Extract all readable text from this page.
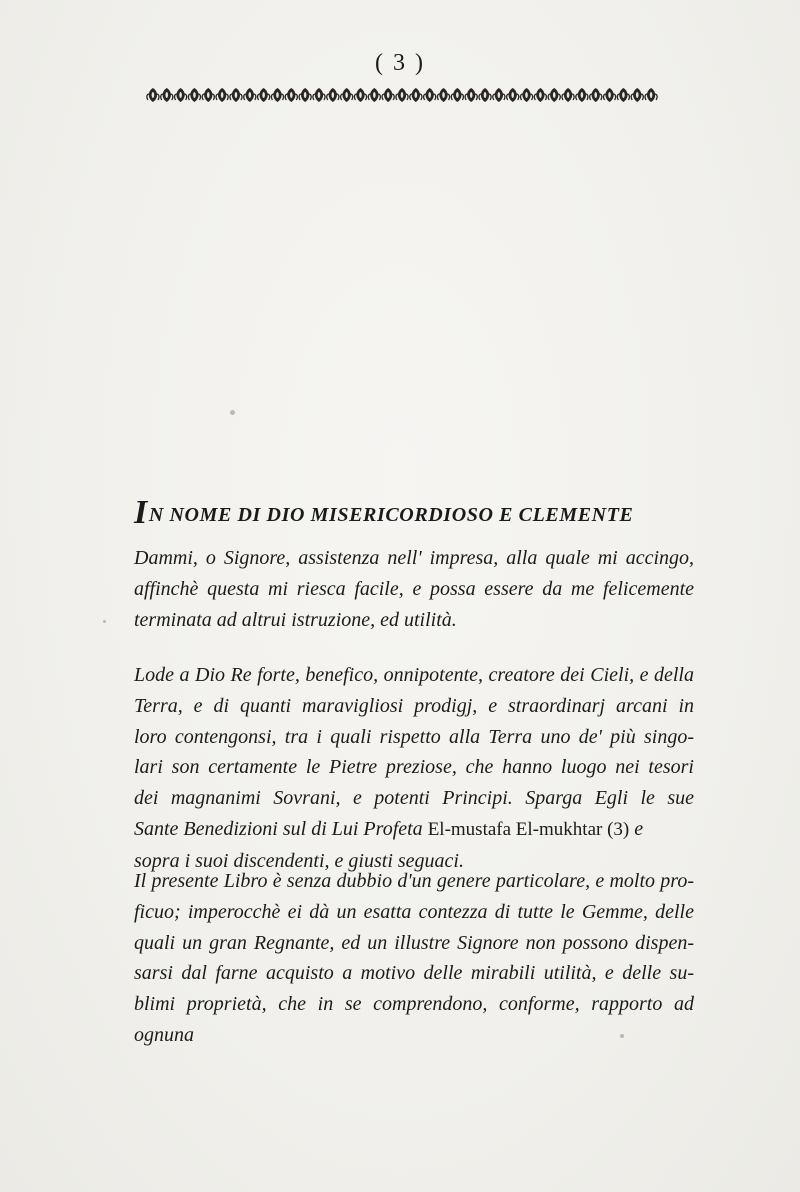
( 3 )
IN NOME DI DIO MISERICORDIOSO E CLEMENTE
Dammi, o Signore, assistenza nell' impresa, alla quale mi accingo,
affinchè questa mi riesca facile, e possa essere da me felicemente
terminata ad altrui istruzione, ed utilità.
Lode a Dio Re forte, benefico, onnipotente, creatore dei Cieli, e della
Terra, e di quanti maravigliosi prodigj, e straordinarj arcani in
loro contengonsi, tra i quali rispetto alla Terra uno de' più singo-
lari son certamente le Pietre preziose, che hanno luogo nei tesori
dei magnanimi Sovrani, e potenti Principi. Sparga Egli le sue
Sante Benedizioni sul di Lui Profeta El-mustafa El-mukhtar (3) e
sopra i suoi discendenti, e giusti seguaci.
Il presente Libro è senza dubbio d'un genere particolare, e molto pro-
ficuo; imperocchè ei dà un esatta contezza di tutte le Gemme, delle
quali un gran Regnante, ed un illustre Signore non possono dispen-
sarsi dal farne acquisto a motivo delle mirabili utilità, e delle su-
blimi proprietà, che in se comprendono, conforme, rapporto ad ognuna
